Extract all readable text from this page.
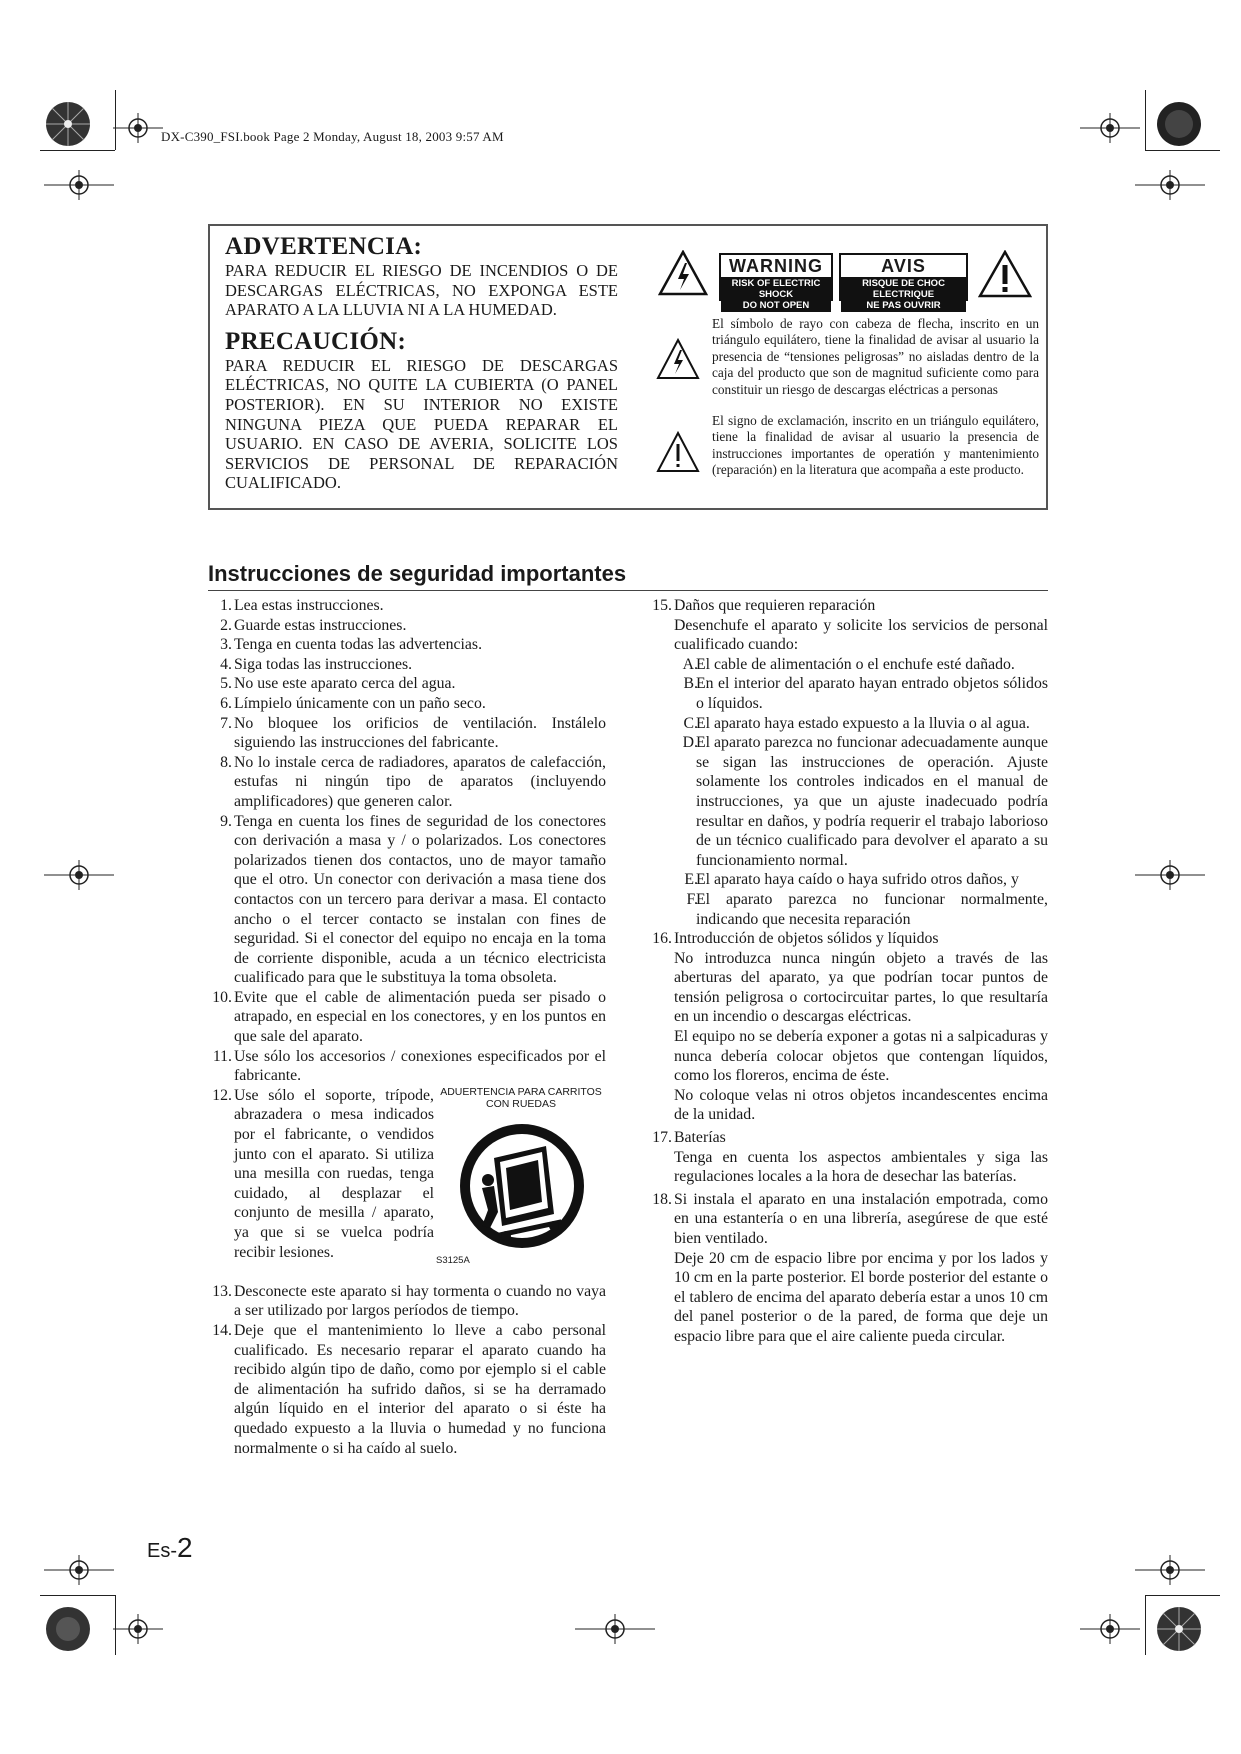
DX-C390_FSI.book Page 2 Monday, August 18, 2003 9:57 AM
ADVERTENCIA:
PARA REDUCIR EL RIESGO DE INCENDIOS O DE DESCARGAS ELÉCTRICAS, NO EXPONGA ESTE APARATO A LA LLUVIA NI A LA HUMEDAD.
PRECAUCIÓN:
PARA REDUCIR EL RIESGO DE DESCARGAS ELÉCTRICAS, NO QUITE LA CUBIERTA (O PANEL POSTERIOR). EN SU INTERIOR NO EXISTE NINGUNA PIEZA QUE PUEDA REPARAR EL USUARIO. EN CASO DE AVERIA, SOLICITE LOS SERVICIOS DE PERSONAL DE REPARACIÓN CUALIFICADO.
WARNING
RISK OF ELECTRIC SHOCK
DO NOT OPEN
AVIS
RISQUE DE CHOC ELECTRIQUE
NE PAS OUVRIR
El símbolo de rayo con cabeza de flecha, inscrito en un triángulo equilátero, tiene la finalidad de avisar al usuario la presencia de “tensiones peligrosas” no aisladas dentro de la caja del producto que son de magnitud suficiente como para constituir un riesgo de descargas eléctricas a personas
El signo de exclamación, inscrito en un triángulo equilátero, tiene la finalidad de avisar al usuario la presencia de instrucciones importantes de operatión y mantenimiento (reparación) en la literatura que acompaña a este producto.
Instrucciones de seguridad importantes
1. Lea estas instrucciones.
2. Guarde estas instrucciones.
3. Tenga en cuenta todas las advertencias.
4. Siga todas las instrucciones.
5. No use este aparato cerca del agua.
6. Límpielo únicamente con un paño seco.
7. No bloquee los orificios de ventilación. Instálelo siguiendo las instrucciones del fabricante.
8. No lo instale cerca de radiadores, aparatos de calefacción, estufas ni ningún tipo de aparatos (incluyendo amplificadores) que generen calor.
9. Tenga en cuenta los fines de seguridad de los conectores con derivación a masa y / o polarizados. Los conectores polarizados tienen dos contactos, uno de mayor tamaño que el otro. Un conector con derivación a masa tiene dos contactos con un tercero para derivar a masa. El contacto ancho o el tercer contacto se instalan con fines de seguridad. Si el conector del equipo no encaja en la toma de corriente disponible, acuda a un técnico electricista cualificado para que le substituya la toma obsoleta.
10. Evite que el cable de alimentación pueda ser pisado o atrapado, en especial en los conectores, y en los puntos en que sale del aparato.
11. Use sólo los accesorios / conexiones especificados por el fabricante.
12. Use sólo el soporte, trípode, abrazadera o mesa indicados por el fabricante, o vendidos junto con el aparato. Si utiliza una mesilla con ruedas, tenga cuidado, al desplazar el conjunto de mesilla / aparato, ya que si se vuelca podría recibir lesiones.
ADUERTENCIA PARA CARRITOS CON RUEDAS
S3125A
13. Desconecte este aparato si hay tormenta o cuando no vaya a ser utilizado por largos períodos de tiempo.
14. Deje que el mantenimiento lo lleve a cabo personal cualificado. Es necesario reparar el aparato cuando ha recibido algún tipo de daño, como por ejemplo si el cable de alimentación ha sufrido daños, si se ha derramado algún líquido en el interior del aparato o si éste ha quedado expuesto a la lluvia o humedad y no funciona normalmente o si ha caído al suelo.
15. Daños que requieren reparación
Desenchufe el aparato y solicite los servicios de personal cualificado cuando:
A.
El cable de alimentación o el enchufe esté dañado.
B.
En el interior del aparato hayan entrado objetos sólidos o líquidos.
C.
El aparato haya estado expuesto a la lluvia o al agua.
D.
El aparato parezca no funcionar adecuadamente aunque se sigan las instrucciones de operación. Ajuste solamente los controles indicados en el manual de instrucciones, ya que un ajuste inadecuado podría resultar en daños, y podría requerir el trabajo laborioso de un técnico cualificado para devolver el aparato a su funcionamiento normal.
E.
El aparato haya caído o haya sufrido otros daños, y
F.
El aparato parezca no funcionar normalmente, indicando que necesita reparación
16. Introducción de objetos sólidos y líquidos
No introduzca nunca ningún objeto a través de las aberturas del aparato, ya que podrían tocar puntos de tensión peligrosa o cortocircuitar partes, lo que resultaría en un incendio o descargas eléctricas.
El equipo no se debería exponer a gotas ni a salpicaduras y nunca debería colocar objetos que contengan líquidos, como los floreros, encima de éste.
No coloque velas ni otros objetos incandescentes encima de la unidad.
17. Baterías
Tenga en cuenta los aspectos ambientales y siga las regulaciones locales a la hora de desechar las baterías.
18. Si instala el aparato en una instalación empotrada, como en una estantería o en una librería, asegúrese de que esté bien ventilado.
Deje 20 cm de espacio libre por encima y por los lados y 10 cm en la parte posterior. El borde posterior del estante o el tablero de encima del aparato debería estar a unos 10 cm del panel posterior o de la pared, de forma que deje un espacio libre para que el aire caliente pueda circular.
Es-2
